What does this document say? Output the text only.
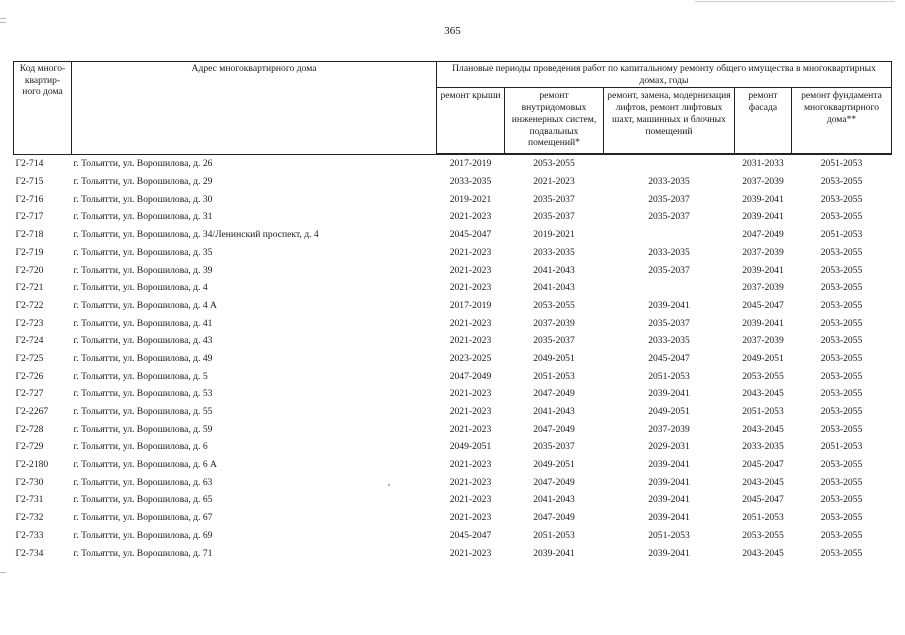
365
Код много-квартир-ного дома	Адрес многоквартирного дома	Плановые периоды проведения работ по капитальному ремонту общего имущества в многоквартирных домах, годы				
		ремонт крыши	ремонт внутридомовых инженерных систем, подвальных помещений*	ремонт, замена, модернизация лифтов, ремонт лифтовых шахт, машинных и блочных помещений	ремонт фасада	ремонт фундамента многоквартирного дома**

Г2-714	г. Тольятти, ул. Ворошилова, д. 26	2017-2019	2053-2055		2031-2033	2051-2053
Г2-715	г. Тольятти, ул. Ворошилова, д. 29	2033-2035	2021-2023	2033-2035	2037-2039	2053-2055
Г2-716	г. Тольятти, ул. Ворошилова, д. 30	2019-2021	2035-2037	2035-2037	2039-2041	2053-2055
Г2-717	г. Тольятти, ул. Ворошилова, д. 31	2021-2023	2035-2037	2035-2037	2039-2041	2053-2055
Г2-718	г. Тольятти, ул. Ворошилова, д. 34/Ленинский проспект, д. 4	2045-2047	2019-2021		2047-2049	2051-2053
Г2-719	г. Тольятти, ул. Ворошилова, д. 35	2021-2023	2033-2035	2033-2035	2037-2039	2053-2055
Г2-720	г. Тольятти, ул. Ворошилова, д. 39	2021-2023	2041-2043	2035-2037	2039-2041	2053-2055
Г2-721	г. Тольятти, ул. Ворошилова, д. 4	2021-2023	2041-2043		2037-2039	2053-2055
Г2-722	г. Тольятти, ул. Ворошилова, д. 4 А	2017-2019	2053-2055	2039-2041	2045-2047	2053-2055
Г2-723	г. Тольятти, ул. Ворошилова, д. 41	2021-2023	2037-2039	2035-2037	2039-2041	2053-2055
Г2-724	г. Тольятти, ул. Ворошилова, д. 43	2021-2023	2035-2037	2033-2035	2037-2039	2053-2055
Г2-725	г. Тольятти, ул. Ворошилова, д. 49	2023-2025	2049-2051	2045-2047	2049-2051	2053-2055
Г2-726	г. Тольятти, ул. Ворошилова, д. 5	2047-2049	2051-2053	2051-2053	2053-2055	2053-2055
Г2-727	г. Тольятти, ул. Ворошилова, д. 53	2021-2023	2047-2049	2039-2041	2043-2045	2053-2055
Г2-2267	г. Тольятти, ул. Ворошилова, д. 55	2021-2023	2041-2043	2049-2051	2051-2053	2053-2055
Г2-728	г. Тольятти, ул. Ворошилова, д. 59	2021-2023	2047-2049	2037-2039	2043-2045	2053-2055
Г2-729	г. Тольятти, ул. Ворошилова, д. 6	2049-2051	2035-2037	2029-2031	2033-2035	2051-2053
Г2-2180	г. Тольятти, ул. Ворошилова, д. 6 А	2021-2023	2049-2051	2039-2041	2045-2047	2053-2055
Г2-730	г. Тольятти, ул. Ворошилова, д. 63	2021-2023	2047-2049	2039-2041	2043-2045	2053-2055
Г2-731	г. Тольятти, ул. Ворошилова, д. 65	2021-2023	2041-2043	2039-2041	2045-2047	2053-2055
Г2-732	г. Тольятти, ул. Ворошилова, д. 67	2021-2023	2047-2049	2039-2041	2051-2053	2053-2055
Г2-733	г. Тольятти, ул. Ворошилова, д. 69	2045-2047	2051-2053	2051-2053	2053-2055	2053-2055
Г2-734	г. Тольятти, ул. Ворошилова, д. 71	2021-2023	2039-2041	2039-2041	2043-2045	2053-2055
